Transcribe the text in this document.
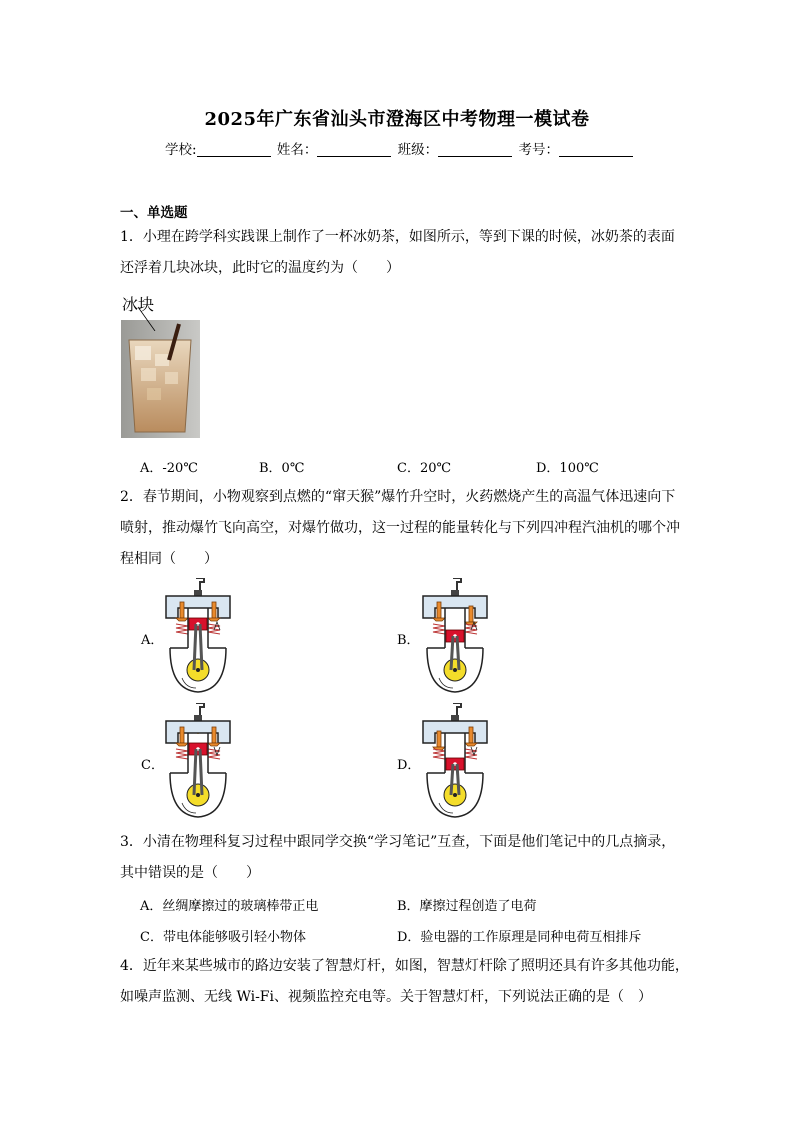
2025年广东省汕头市澄海区中考物理一模试卷
学校:	姓名：	班级：	考号：
一、单选题
1．小理在跨学科实践课上制作了一杯冰奶茶，如图所示，等到下课的时候，冰奶茶的表面
还浮着几块冰块，此时它的温度约为（　　）
冰块
A．-20℃	B．0℃	C．20℃	D．100℃
2．春节期间，小物观察到点燃的“窜天猴”爆竹升空时，火药燃烧产生的高温气体迅速向下
喷射，推动爆竹飞向高空，对爆竹做功，这一过程的能量转化与下列四冲程汽油机的哪个冲
程相同（　　）
A．	B．
C．	D．
3．小清在物理科复习过程中跟同学交换“学习笔记”互查，下面是他们笔记中的几点摘录，
其中错误的是（　　）
A．丝绸摩擦过的玻璃棒带正电	B．摩擦过程创造了电荷
C．带电体能够吸引轻小物体	D．验电器的工作原理是同种电荷互相排斥
4．近年来某些城市的路边安装了智慧灯杆，如图，智慧灯杆除了照明还具有许多其他功能，
如噪声监测、无线 Wi-Fi、视频监控充电等。关于智慧灯杆，下列说法正确的是（　）
